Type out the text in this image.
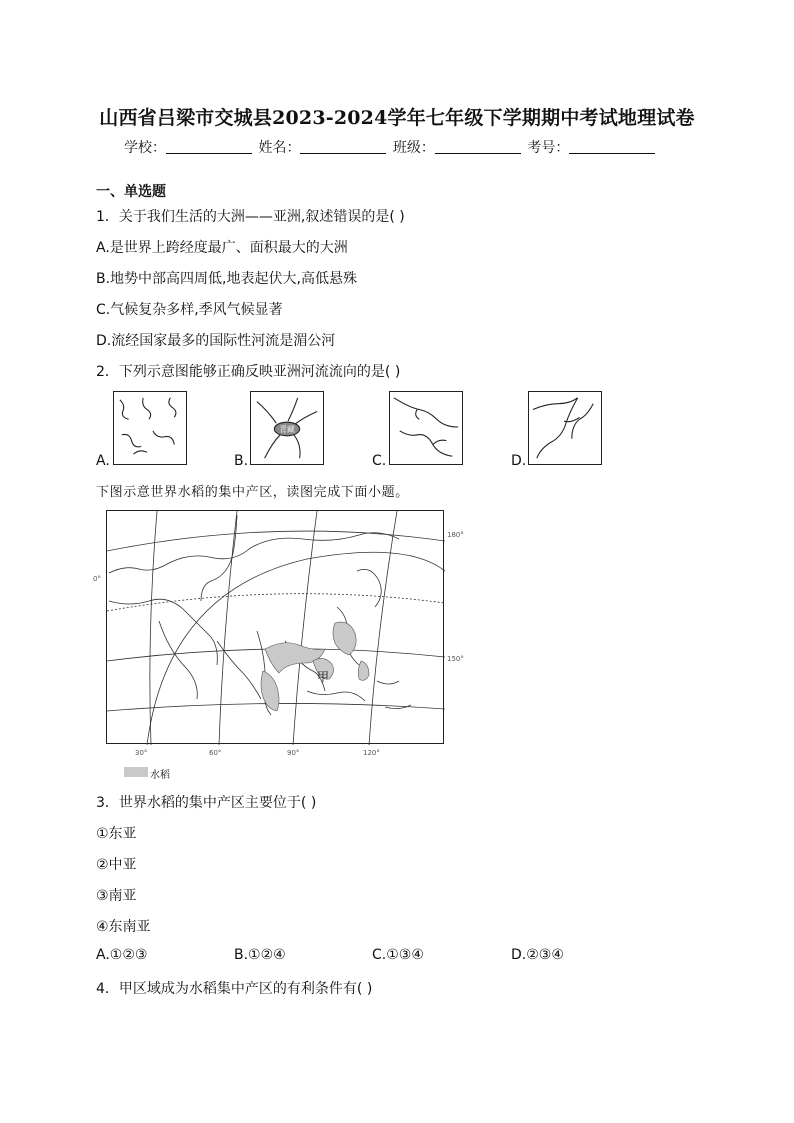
山西省吕梁市交城县2023-2024学年七年级下学期期中考试地理试卷
学校：	姓名：	班级：	考号：
一、单选题
1．关于我们生活的大洲——亚洲,叙述错误的是( )
A.是世界上跨经度最广、面积最大的大洲
B.地势中部高四周低,地表起伏大,高低悬殊
C.气候复杂多样,季风气候显著
D.流经国家最多的国际性河流是湄公河
2．下列示意图能够正确反映亚洲河流流向的是( )
A.	B.
青藏
C.	D.
下图示意世界水稻的集中产区，读图完成下面小题。
甲
0°
180°
150°
30°	60°	90°	120°
水稻
3．世界水稻的集中产区主要位于( )
①东亚
②中亚
③南亚
④东南亚
A.①②③	B.①②④	C.①③④	D.②③④
4．甲区域成为水稻集中产区的有利条件有( )
